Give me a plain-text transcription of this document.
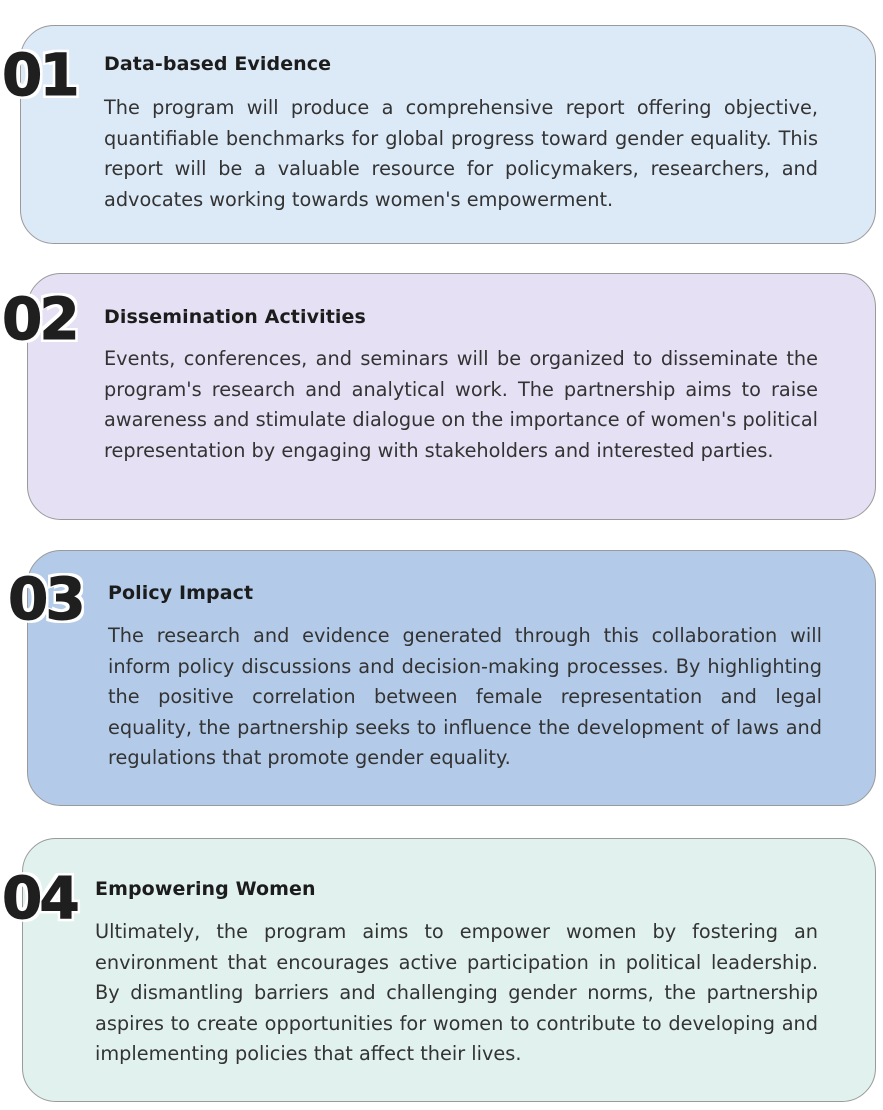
01 Data-based Evidence
The program will produce a comprehensive report offering objective, quantifiable benchmarks for global progress toward gender equality. This report will be a valuable resource for policymakers, researchers, and advocates working towards women's empowerment.
02 Dissemination Activities
Events, conferences, and seminars will be organized to disseminate the program's research and analytical work. The partnership aims to raise awareness and stimulate dialogue on the importance of women's political representation by engaging with stakeholders and interested parties.
03 Policy Impact
The research and evidence generated through this collaboration will inform policy discussions and decision-making processes. By highlighting the positive correlation between female representation and legal equality, the partnership seeks to influence the development of laws and regulations that promote gender equality.
04 Empowering Women
Ultimately, the program aims to empower women by fostering an environment that encourages active participation in political leadership. By dismantling barriers and challenging gender norms, the partnership aspires to create opportunities for women to contribute to developing and implementing policies that affect their lives.
